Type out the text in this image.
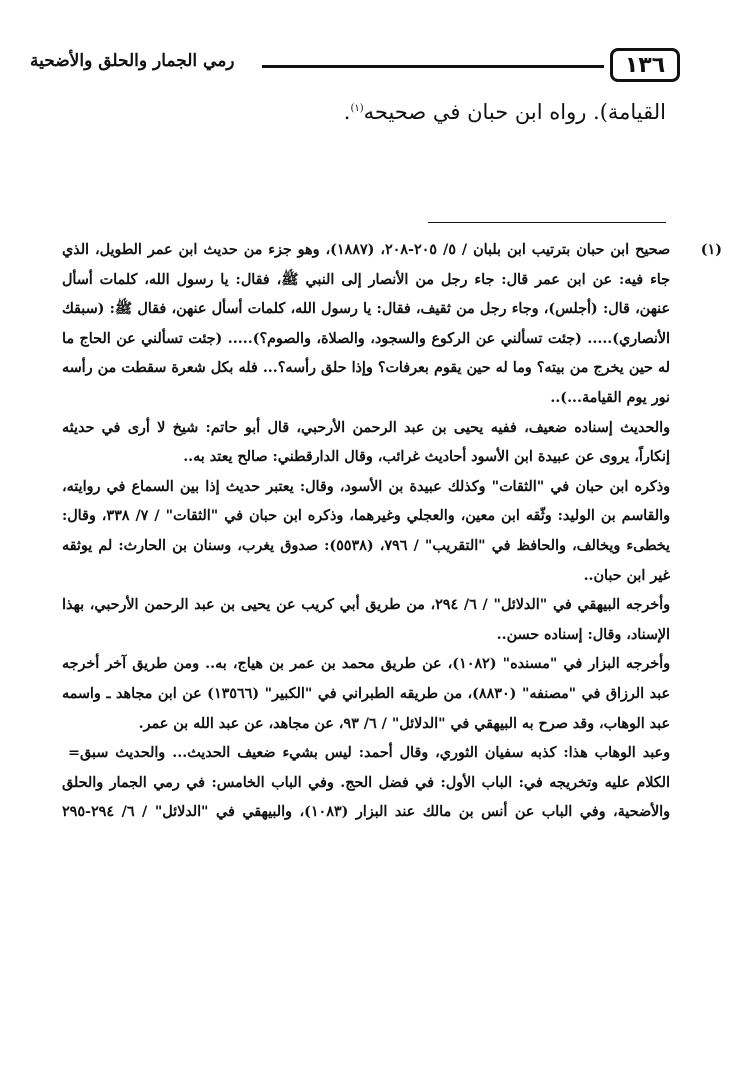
١٣٦
رمي الجمار والحلق والأضحية
القيامة). رواه ابن حبان في صحيحه$^{(١)}$.
(١)
صحيح ابن حبان بترتيب ابن بلبان / ٥/ ٢٠٥-٢٠٨، (١٨٨٧)، وهو جزء من حديث ابن عمر الطويل، الذي جاء فيه: عن ابن عمر قال: جاء رجل من الأنصار إلى النبي ﷺ، فقال: يا رسول الله، كلمات أسأل عنهن، قال: (أجلس)، وجاء رجل من ثقيف، فقال: يا رسول الله، كلمات أسأل عنهن، فقال ﷺ: (سبقك الأنصاري)..... (جئت تسألني عن الركوع والسجود، والصلاة، والصوم؟)..... (جئت تسألني عن الحاج ما له حين يخرج من بيته؟ وما له حين يقوم بعرفات؟ وإذا حلق رأسه؟... فله بكل شعرة سقطت من رأسه نور يوم القيامة...)..
والحديث إسناده ضعيف، ففيه يحيى بن عبد الرحمن الأرحبي، قال أبو حاتم: شيخ لا أرى في حديثه إنكاراً، يروى عن عبيدة ابن الأسود أحاديث غرائب، وقال الدارقطني: صالح يعتد به..
وذكره ابن حبان في "الثقات" وكذلك عبيدة بن الأسود، وقال: يعتبر حديث إذا بين السماع في روايته، والقاسم بن الوليد: وثّقه ابن معين، والعجلي وغيرهما، وذكره ابن حبان في "الثقات" / ٧/ ٣٣٨، وقال: يخطىء ويخالف، والحافظ في "التقريب" / ٧٩٦، (٥٥٣٨): صدوق يغرب، وسنان بن الحارث: لم يوثقه غير ابن حبان..
وأخرجه البيهقي في "الدلائل" / ٦/ ٢٩٤، من طريق أبي كريب عن يحيى بن عبد الرحمن الأرحبي، بهذا الإسناد، وقال: إسناده حسن..
وأخرجه البزار في "مسنده" (١٠٨٢)، عن طريق محمد بن عمر بن هياج، به.. ومن طريق آخر أخرجه عبد الرزاق في "مصنفه" (٨٨٣٠)، من طريقه الطبراني في "الكبير" (١٣٥٦٦) عن ابن مجاهد ـ واسمه عبد الوهاب، وقد صرح به البيهقي في "الدلائل" / ٦/ ٩٣، عن مجاهد، عن عبد الله بن عمر.
= وعبد الوهاب هذا: كذبه سفيان الثوري، وقال أحمد: ليس بشيء ضعيف الحديث... والحديث سبق الكلام عليه وتخريجه في: الباب الأول: في فضل الحج. وفي الباب الخامس: في رمي الجمار والحلق والأضحية، وفي الباب عن أنس بن مالك عند البزار (١٠٨٣)، والبيهقي في "الدلائل" / ٦/ ٢٩٤-٢٩٥
